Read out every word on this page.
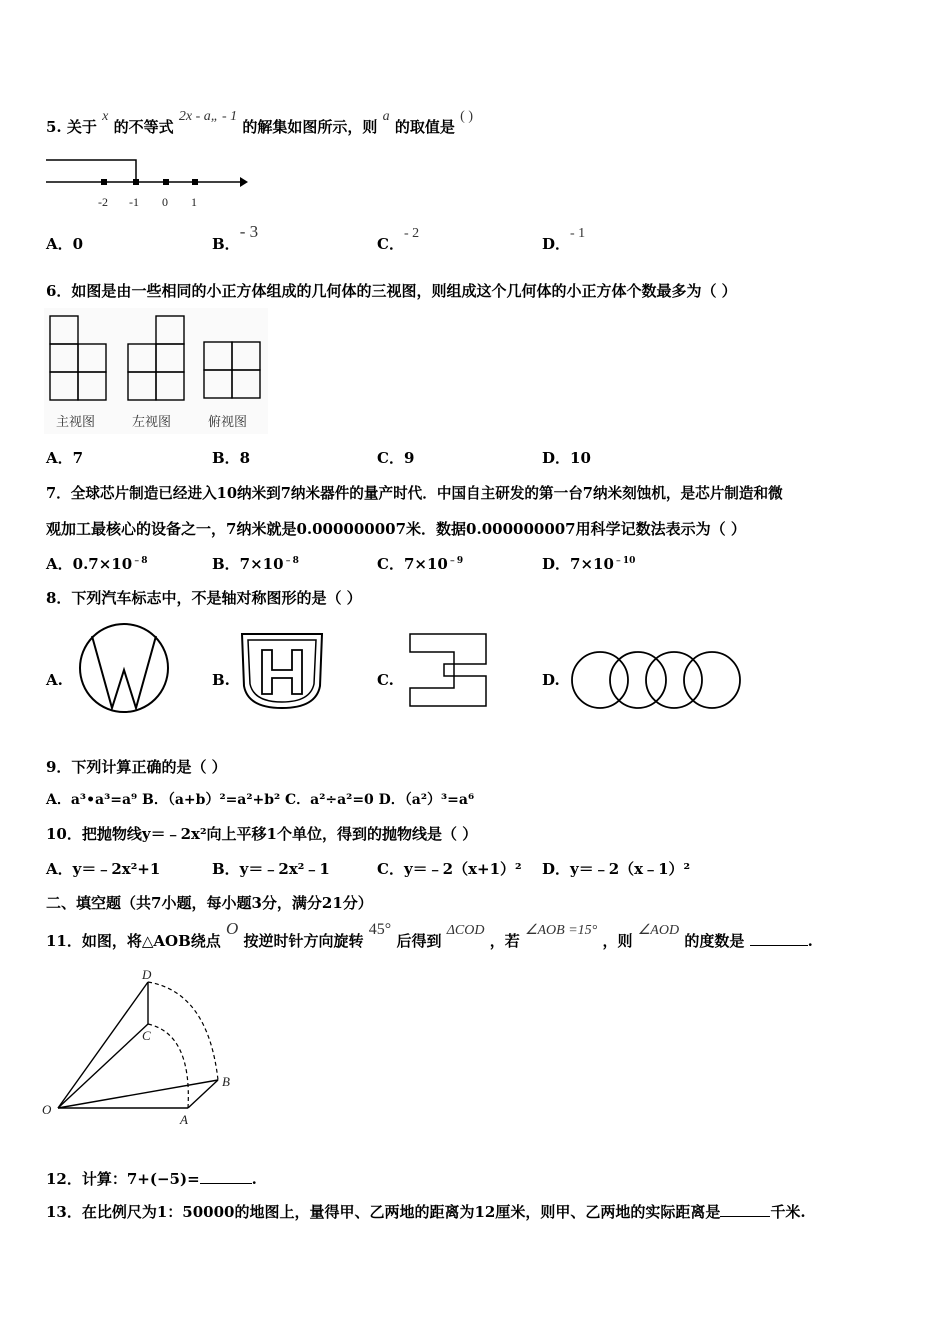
5. 关于 x 的不等式 2x - a„ - 1 的解集如图所示，则 a 的取值是 ( )
-2 -1 0 1
A．0	B．- 3
C．- 2
D．- 1
6．如图是由一些相同的小正方体组成的几何体的三视图，则组成这个几何体的小正方体个数最多为（ ）
主视图	左视图	俯视图
A．7	B．8	C．9	D．10
7．全球芯片制造已经进入10纳米到7纳米器件的量产时代．中国自主研发的第一台7纳米刻蚀机，是芯片制造和微
观加工最核心的设备之一，7纳米就是0.000000007米．数据0.000000007用科学记数法表示为（ ）
A．$0.7\times 10^{﹣8}$	B．$7\times 10^{﹣8}$	C．$7\times 10^{﹣9}$	D．$7\times 10^{﹣10}$
8．下列汽车标志中，不是轴对称图形的是（ ）
A.	B.	C.	D.
9．下列计算正确的是（ ）
A．a³•a³=a⁹ B．（a+b）²=a²+b² C．a²÷a²=0 D．（a²）³=a⁶
10．把抛物线y＝﹣2x²向上平移1个单位，得到的抛物线是（ ）
A．y＝﹣2x²+1	B．y＝﹣2x²﹣1	C．y＝﹣2（x+1）² D．y＝﹣2（x﹣1）²
二、填空题（共7小题，每小题3分，满分21分）
11．如图，将△AOB绕点 O 按逆时针方向旋转 45° 后得到 ΔCOD ，若 ∠AOB =15° ，则 ∠AOD 的度数是	.
D
C
B
O
A
12．计算：7+(−5)=	.
13．在比例尺为1：50000的地图上，量得甲、乙两地的距离为12厘米，则甲、乙两地的实际距离是	千米.
